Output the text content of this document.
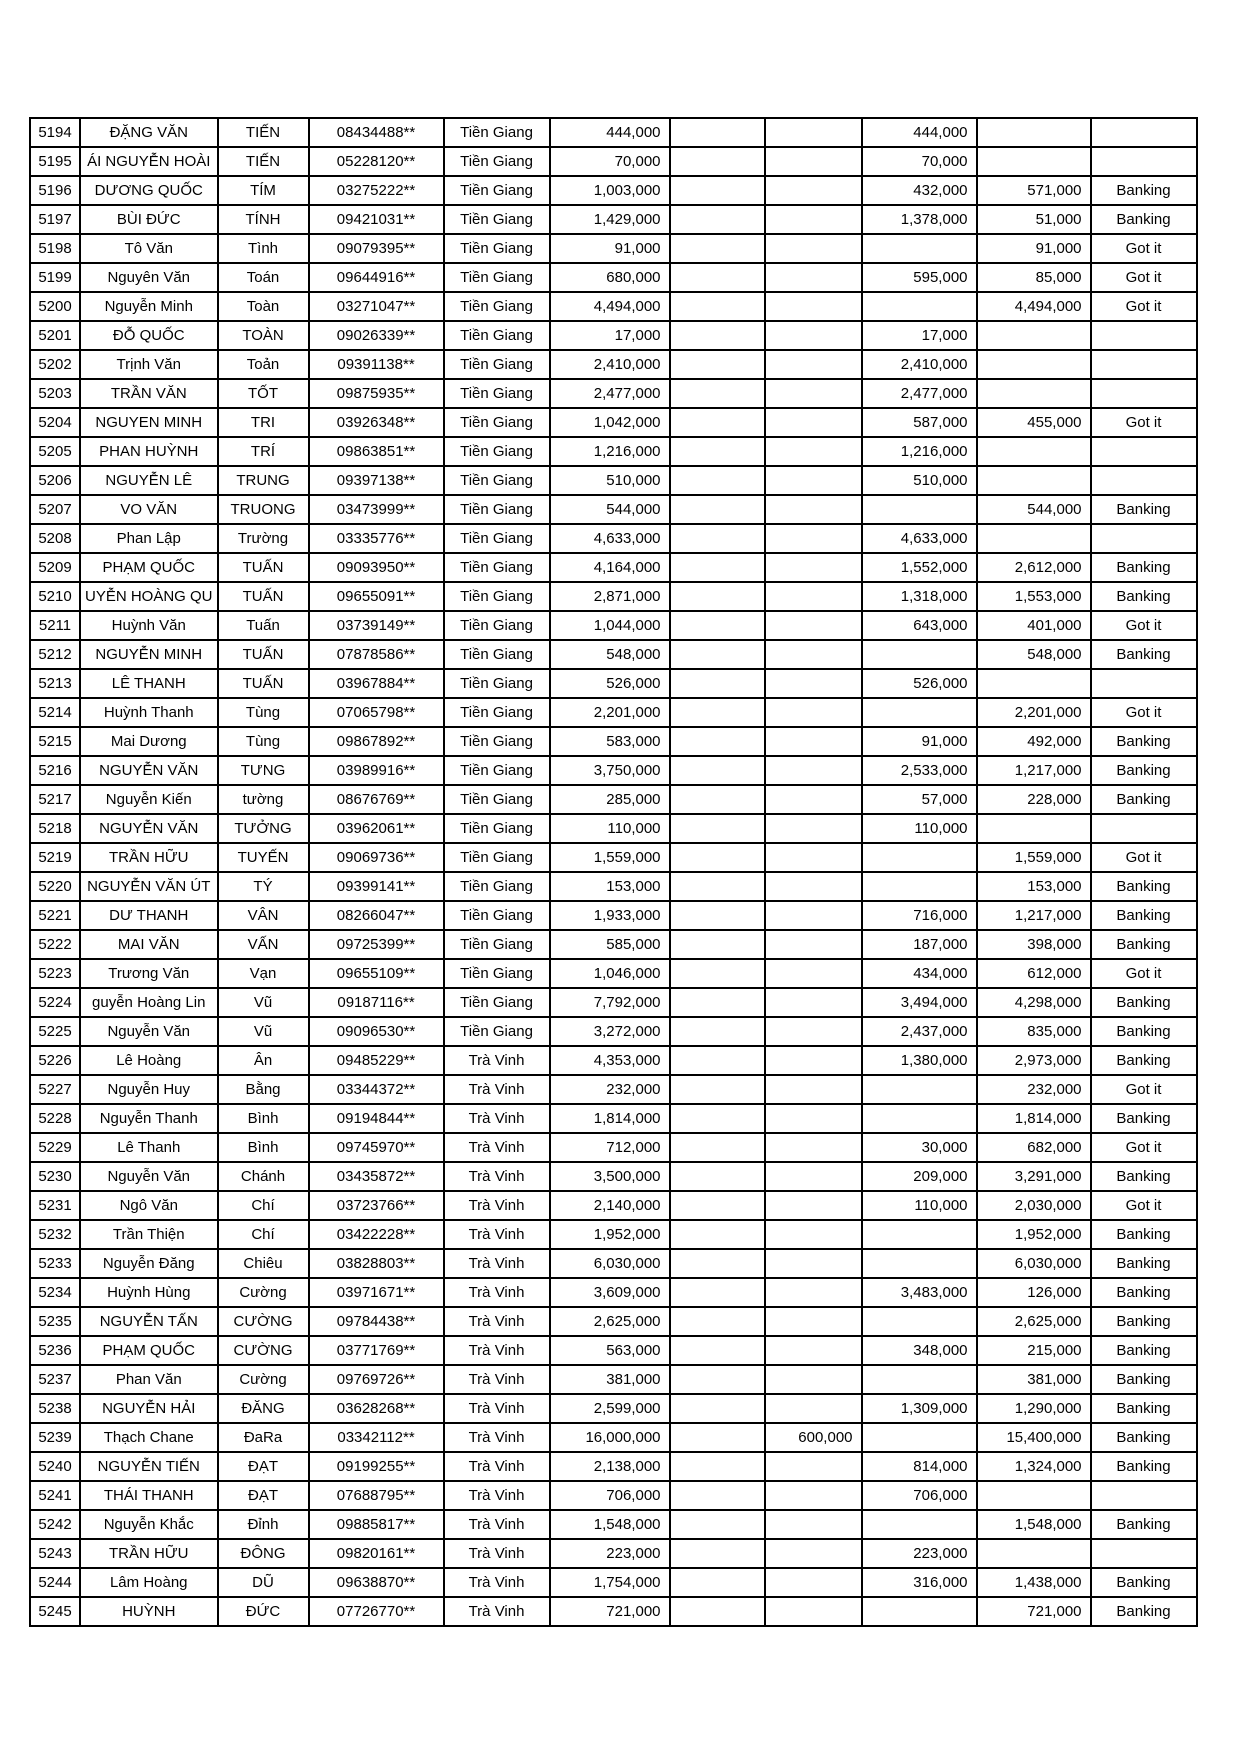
5194	ĐẶNG VĂN	TIẾN	08434488**	Tiền Giang	444,000			444,000		
5195	ÁI NGUYỄN HOÀI	TIẾN	05228120**	Tiền Giang	70,000			70,000		
5196	DƯƠNG QUỐC	TÍM	03275222**	Tiền Giang	1,003,000			432,000	571,000	Banking
5197	BÙI ĐỨC	TÍNH	09421031**	Tiền Giang	1,429,000			1,378,000	51,000	Banking
5198	Tô Văn	Tình	09079395**	Tiền Giang	91,000				91,000	Got it
5199	Nguyên Văn	Toán	09644916**	Tiền Giang	680,000			595,000	85,000	Got it
5200	Nguyễn Minh	Toàn	03271047**	Tiền Giang	4,494,000				4,494,000	Got it
5201	ĐỖ QUỐC	TOÀN	09026339**	Tiền Giang	17,000			17,000		
5202	Trịnh Văn	Toản	09391138**	Tiền Giang	2,410,000			2,410,000		
5203	TRẦN VĂN	TỐT	09875935**	Tiền Giang	2,477,000			2,477,000		
5204	NGUYEN MINH	TRI	03926348**	Tiền Giang	1,042,000			587,000	455,000	Got it
5205	PHAN HUỲNH	TRÍ	09863851**	Tiền Giang	1,216,000			1,216,000		
5206	NGUYỄN LÊ	TRUNG	09397138**	Tiền Giang	510,000			510,000		
5207	VO VĂN	TRUONG	03473999**	Tiền Giang	544,000				544,000	Banking
5208	Phan Lập	Trường	03335776**	Tiền Giang	4,633,000			4,633,000		
5209	PHẠM QUỐC	TUẤN	09093950**	Tiền Giang	4,164,000			1,552,000	2,612,000	Banking
5210	UYỄN HOÀNG QU	TUẤN	09655091**	Tiền Giang	2,871,000			1,318,000	1,553,000	Banking
5211	Huỳnh Văn	Tuấn	03739149**	Tiền Giang	1,044,000			643,000	401,000	Got it
5212	NGUYỄN MINH	TUẤN	07878586**	Tiền Giang	548,000				548,000	Banking
5213	LÊ THANH	TUẤN	03967884**	Tiền Giang	526,000			526,000		
5214	Huỳnh Thanh	Tùng	07065798**	Tiền Giang	2,201,000				2,201,000	Got it
5215	Mai Dương	Tùng	09867892**	Tiền Giang	583,000			91,000	492,000	Banking
5216	NGUYỄN VĂN	TƯNG	03989916**	Tiền Giang	3,750,000			2,533,000	1,217,000	Banking
5217	Nguyễn Kiến	tường	08676769**	Tiền Giang	285,000			57,000	228,000	Banking
5218	NGUYỄN VĂN	TƯỞNG	03962061**	Tiền Giang	110,000			110,000		
5219	TRẦN HỮU	TUYẾN	09069736**	Tiền Giang	1,559,000				1,559,000	Got it
5220	NGUYỄN VĂN ÚT	TÝ	09399141**	Tiền Giang	153,000				153,000	Banking
5221	DƯ THANH	VÂN	08266047**	Tiền Giang	1,933,000			716,000	1,217,000	Banking
5222	MAI VĂN	VẤN	09725399**	Tiền Giang	585,000			187,000	398,000	Banking
5223	Trương Văn	Vạn	09655109**	Tiền Giang	1,046,000			434,000	612,000	Got it
5224	guyễn Hoàng Lin	Vũ	09187116**	Tiền Giang	7,792,000			3,494,000	4,298,000	Banking
5225	Nguyễn Văn	Vũ	09096530**	Tiền Giang	3,272,000			2,437,000	835,000	Banking
5226	Lê Hoàng	Ân	09485229**	Trà Vinh	4,353,000			1,380,000	2,973,000	Banking
5227	Nguyễn Huy	Bằng	03344372**	Trà Vinh	232,000				232,000	Got it
5228	Nguyễn Thanh	Bình	09194844**	Trà Vinh	1,814,000				1,814,000	Banking
5229	Lê Thanh	Bình	09745970**	Trà Vinh	712,000			30,000	682,000	Got it
5230	Nguyễn Văn	Chánh	03435872**	Trà Vinh	3,500,000			209,000	3,291,000	Banking
5231	Ngô Văn	Chí	03723766**	Trà Vinh	2,140,000			110,000	2,030,000	Got it
5232	Trần Thiện	Chí	03422228**	Trà Vinh	1,952,000				1,952,000	Banking
5233	Nguyễn Đăng	Chiêu	03828803**	Trà Vinh	6,030,000				6,030,000	Banking
5234	Huỳnh Hùng	Cường	03971671**	Trà Vinh	3,609,000			3,483,000	126,000	Banking
5235	NGUYỄN TẤN	CƯỜNG	09784438**	Trà Vinh	2,625,000				2,625,000	Banking
5236	PHẠM QUỐC	CƯỜNG	03771769**	Trà Vinh	563,000			348,000	215,000	Banking
5237	Phan Văn	Cường	09769726**	Trà Vinh	381,000				381,000	Banking
5238	NGUYỄN HẢI	ĐĂNG	03628268**	Trà Vinh	2,599,000			1,309,000	1,290,000	Banking
5239	Thạch Chane	ĐaRa	03342112**	Trà Vinh	16,000,000		600,000		15,400,000	Banking
5240	NGUYỄN TIẾN	ĐẠT	09199255**	Trà Vinh	2,138,000			814,000	1,324,000	Banking
5241	THÁI THANH	ĐẠT	07688795**	Trà Vinh	706,000			706,000		
5242	Nguyễn Khắc	Đỉnh	09885817**	Trà Vinh	1,548,000				1,548,000	Banking
5243	TRẦN HỮU	ĐÔNG	09820161**	Trà Vinh	223,000			223,000		
5244	Lâm Hoàng	DŨ	09638870**	Trà Vinh	1,754,000			316,000	1,438,000	Banking
5245	HUỲNH	ĐỨC	07726770**	Trà Vinh	721,000				721,000	Banking
